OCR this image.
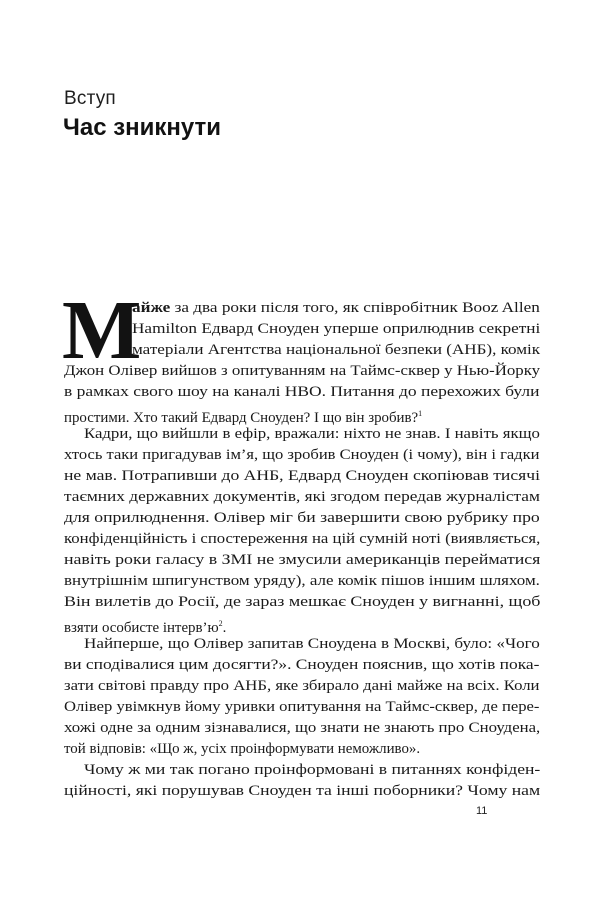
Вступ
Час зникнути
М

айже за два роки після того, як співробітник Booz Allen

Hamilton Едвард Сноуден уперше оприлюднив секретні

матеріали Агентства національної безпеки (АНБ), комік

Джон Олівер вийшов з опитуванням на Таймс-сквер у Нью-Йорку

в рамках свого шоу на каналі HBO. Питання до перехожих були

простими. Хто такий Едвард Сноуден? І що він зробив?$^1$

Кадри, що вийшли в ефір, вражали: ніхто не знав. І навіть якщо

хтось таки пригадував ім’я, що зробив Сноуден (і чому), він і гадки

не мав. Потрапивши до АНБ, Едвард Сноуден скопіював тисячі

таємних державних документів, які згодом передав журналістам

для оприлюднення. Олівер міг би завершити свою рубрику про

конфіденційність і спостереження на цій сумній ноті (виявляється,

навіть роки галасу в ЗМІ не змусили американців перейматися

внутрішнім шпигунством уряду), але комік пішов іншим шляхом.

Він вилетів до Росії, де зараз мешкає Сноуден у вигнанні, щоб

взяти особисте $інтерв’ю^2$.

Найперше, що Олівер запитав Сноудена в Москві, було: «Чого

ви сподівалися цим досягти?». Сноуден пояснив, що хотів пока-

зати світові правду про АНБ, яке збирало дані майже на всіх. Коли

Олівер увімкнув йому уривки опитування на Таймс-сквер, де пере-

хожі одне за одним зізнавалися, що знати не знають про Сноудена,

той відповів: «Що ж, усіх проінформувати неможливо».

Чому ж ми так погано проінформовані в питаннях конфіден-

ційності, які порушував Сноуден та інші поборники? Чому нам

11
